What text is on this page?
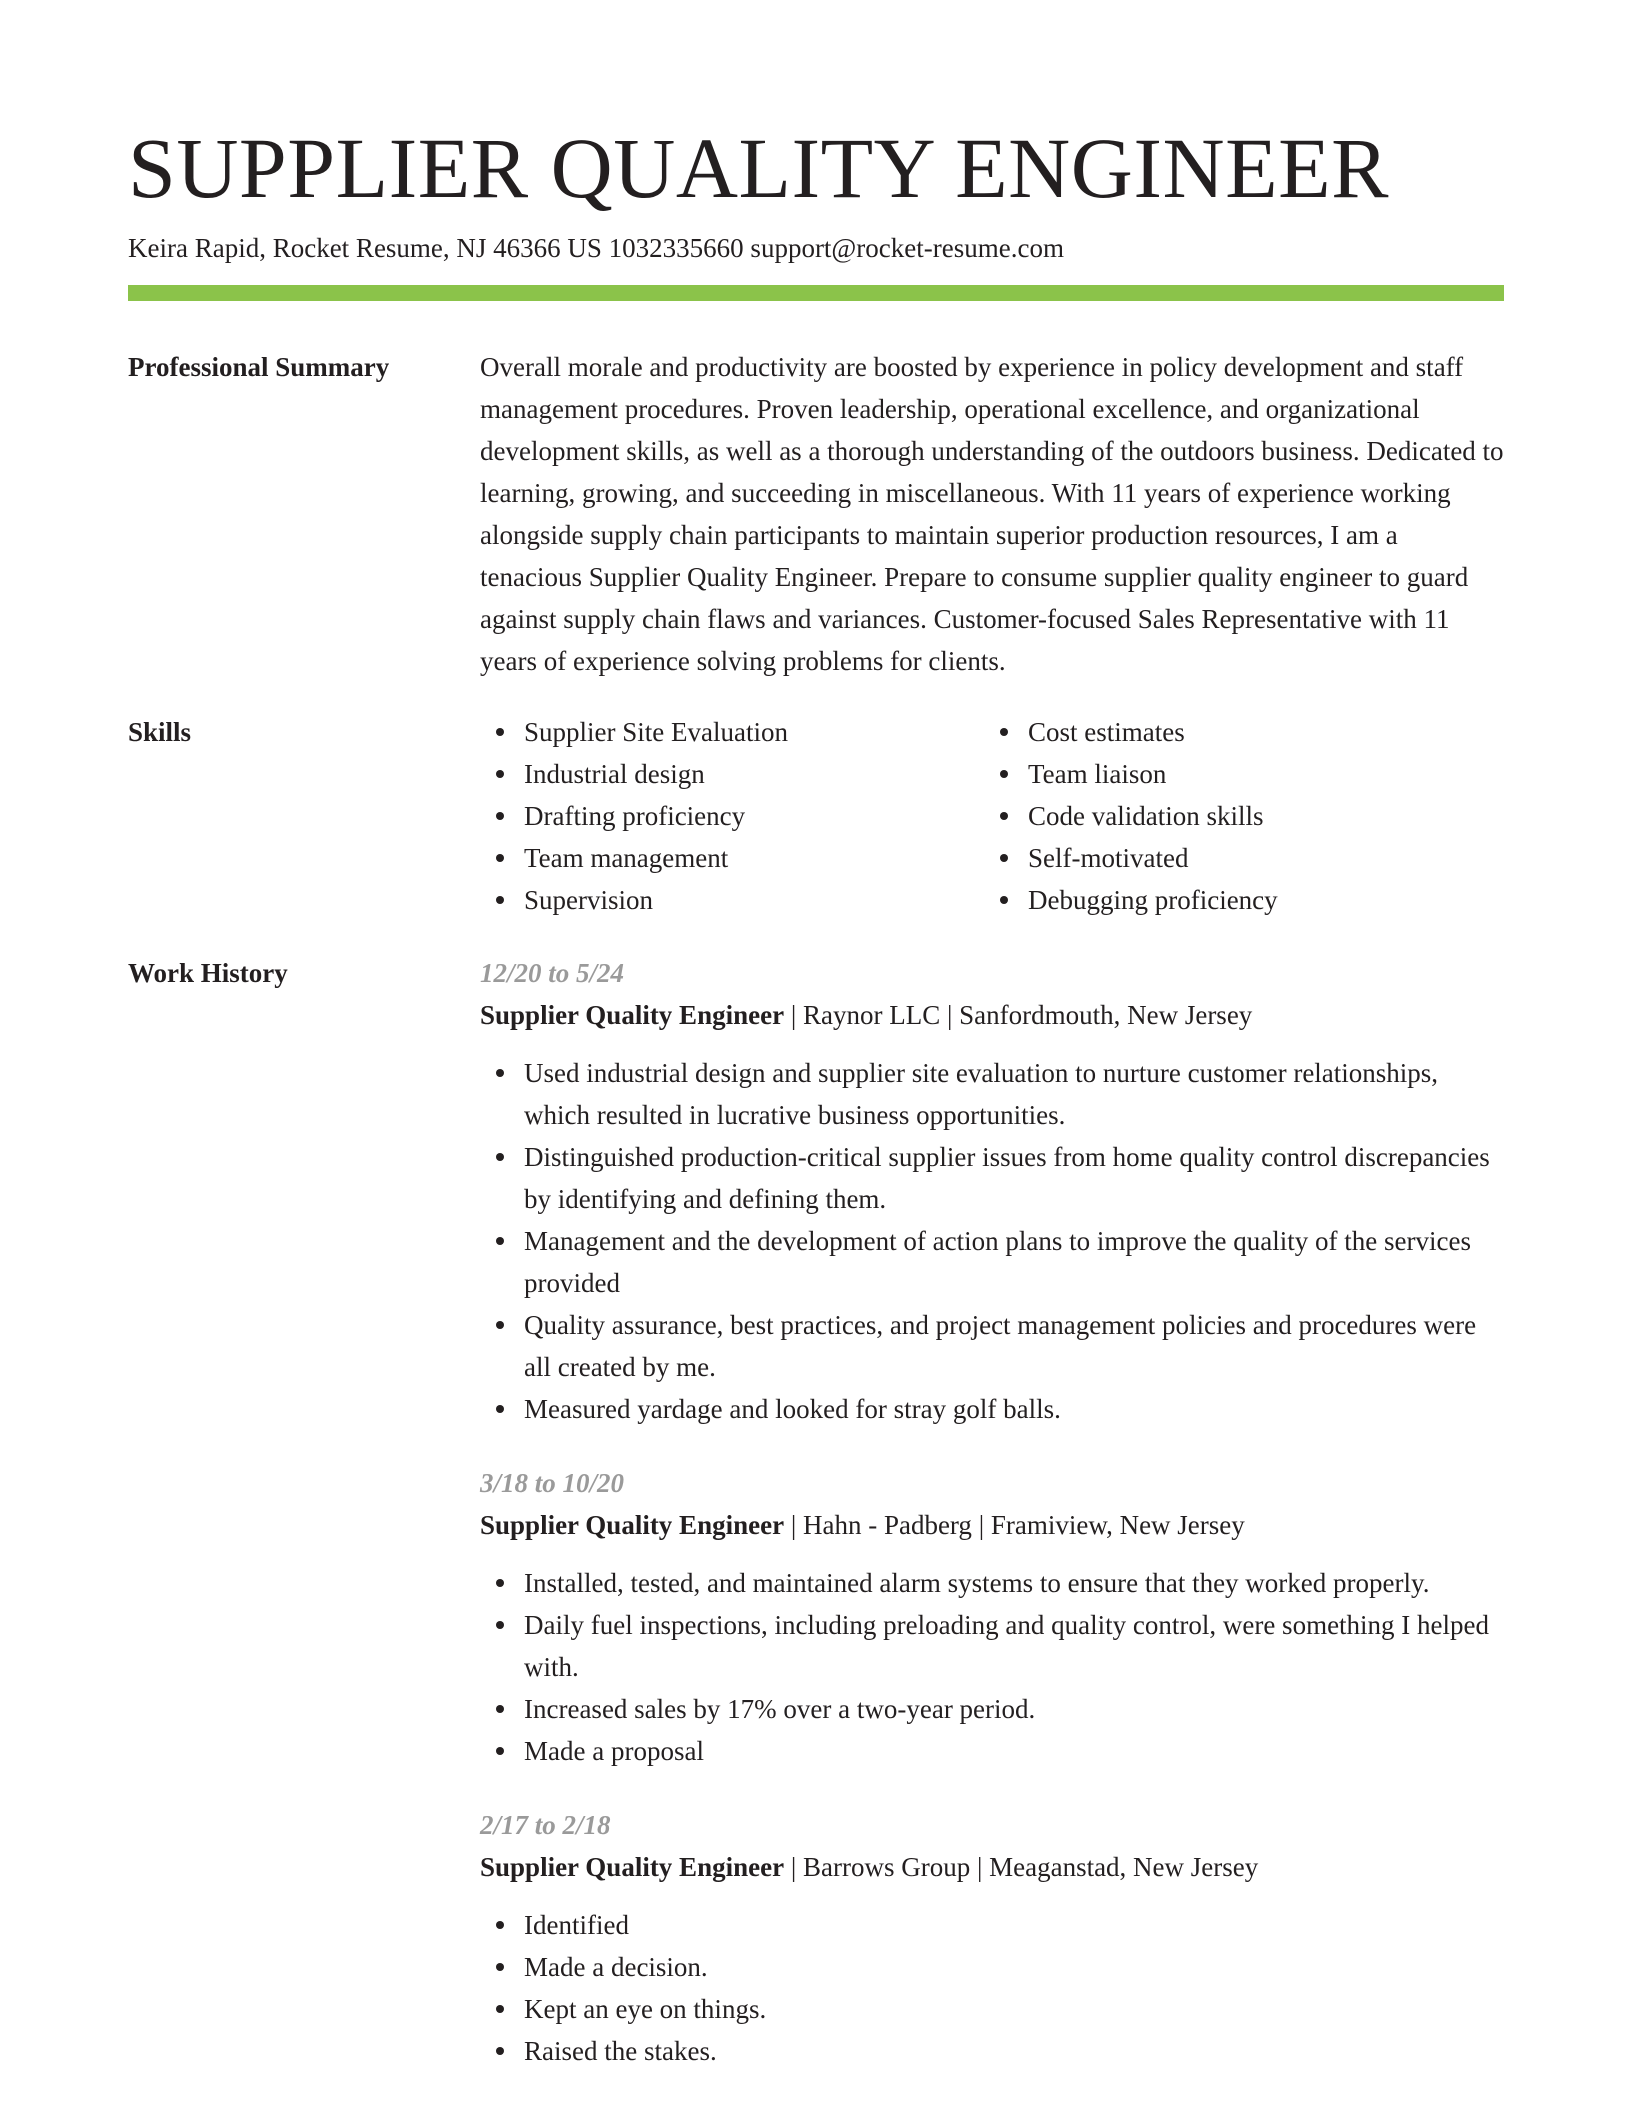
SUPPLIER QUALITY ENGINEER
Keira Rapid, Rocket Resume, NJ 46366 US 1032335660 support@rocket-resume.com
Professional Summary	Overall morale and productivity are boosted by experience in policy development and staff management procedures. Proven leadership, operational excellence, and organizational development skills, as well as a thorough understanding of the outdoors business. Dedicated to learning, growing, and succeeding in miscellaneous. With 11 years of experience working alongside supply chain participants to maintain superior production resources, I am a tenacious Supplier Quality Engineer. Prepare to consume supplier quality engineer to guard against supply chain flaws and variances. Customer-focused Sales Representative with 11 years of experience solving problems for clients.

Skills	Supplier Site Evaluation
Industrial design
Drafting proficiency
Team management
Supervision
Cost estimates
Team liaison
Code validation skills
Self-motivated
Debugging proficiency
Work History	12/20 to 5/24
Supplier Quality Engineer | Raynor LLC | Sanfordmouth, New Jersey
Used industrial design and supplier site evaluation to nurture customer relationships, which resulted in lucrative business opportunities.
Distinguished production-critical supplier issues from home quality control discrepancies by identifying and defining them.
Management and the development of action plans to improve the quality of the services provided
Quality assurance, best practices, and project management policies and procedures were all created by me.
Measured yardage and looked for stray golf balls.
3/18 to 10/20
Supplier Quality Engineer | Hahn - Padberg | Framiview, New Jersey
Installed, tested, and maintained alarm systems to ensure that they worked properly.
Daily fuel inspections, including preloading and quality control, were something I helped with.
Increased sales by 17% over a two-year period.
Made a proposal
2/17 to 2/18
Supplier Quality Engineer | Barrows Group | Meaganstad, New Jersey
Identified
Made a decision.
Kept an eye on things.
Raised the stakes.
